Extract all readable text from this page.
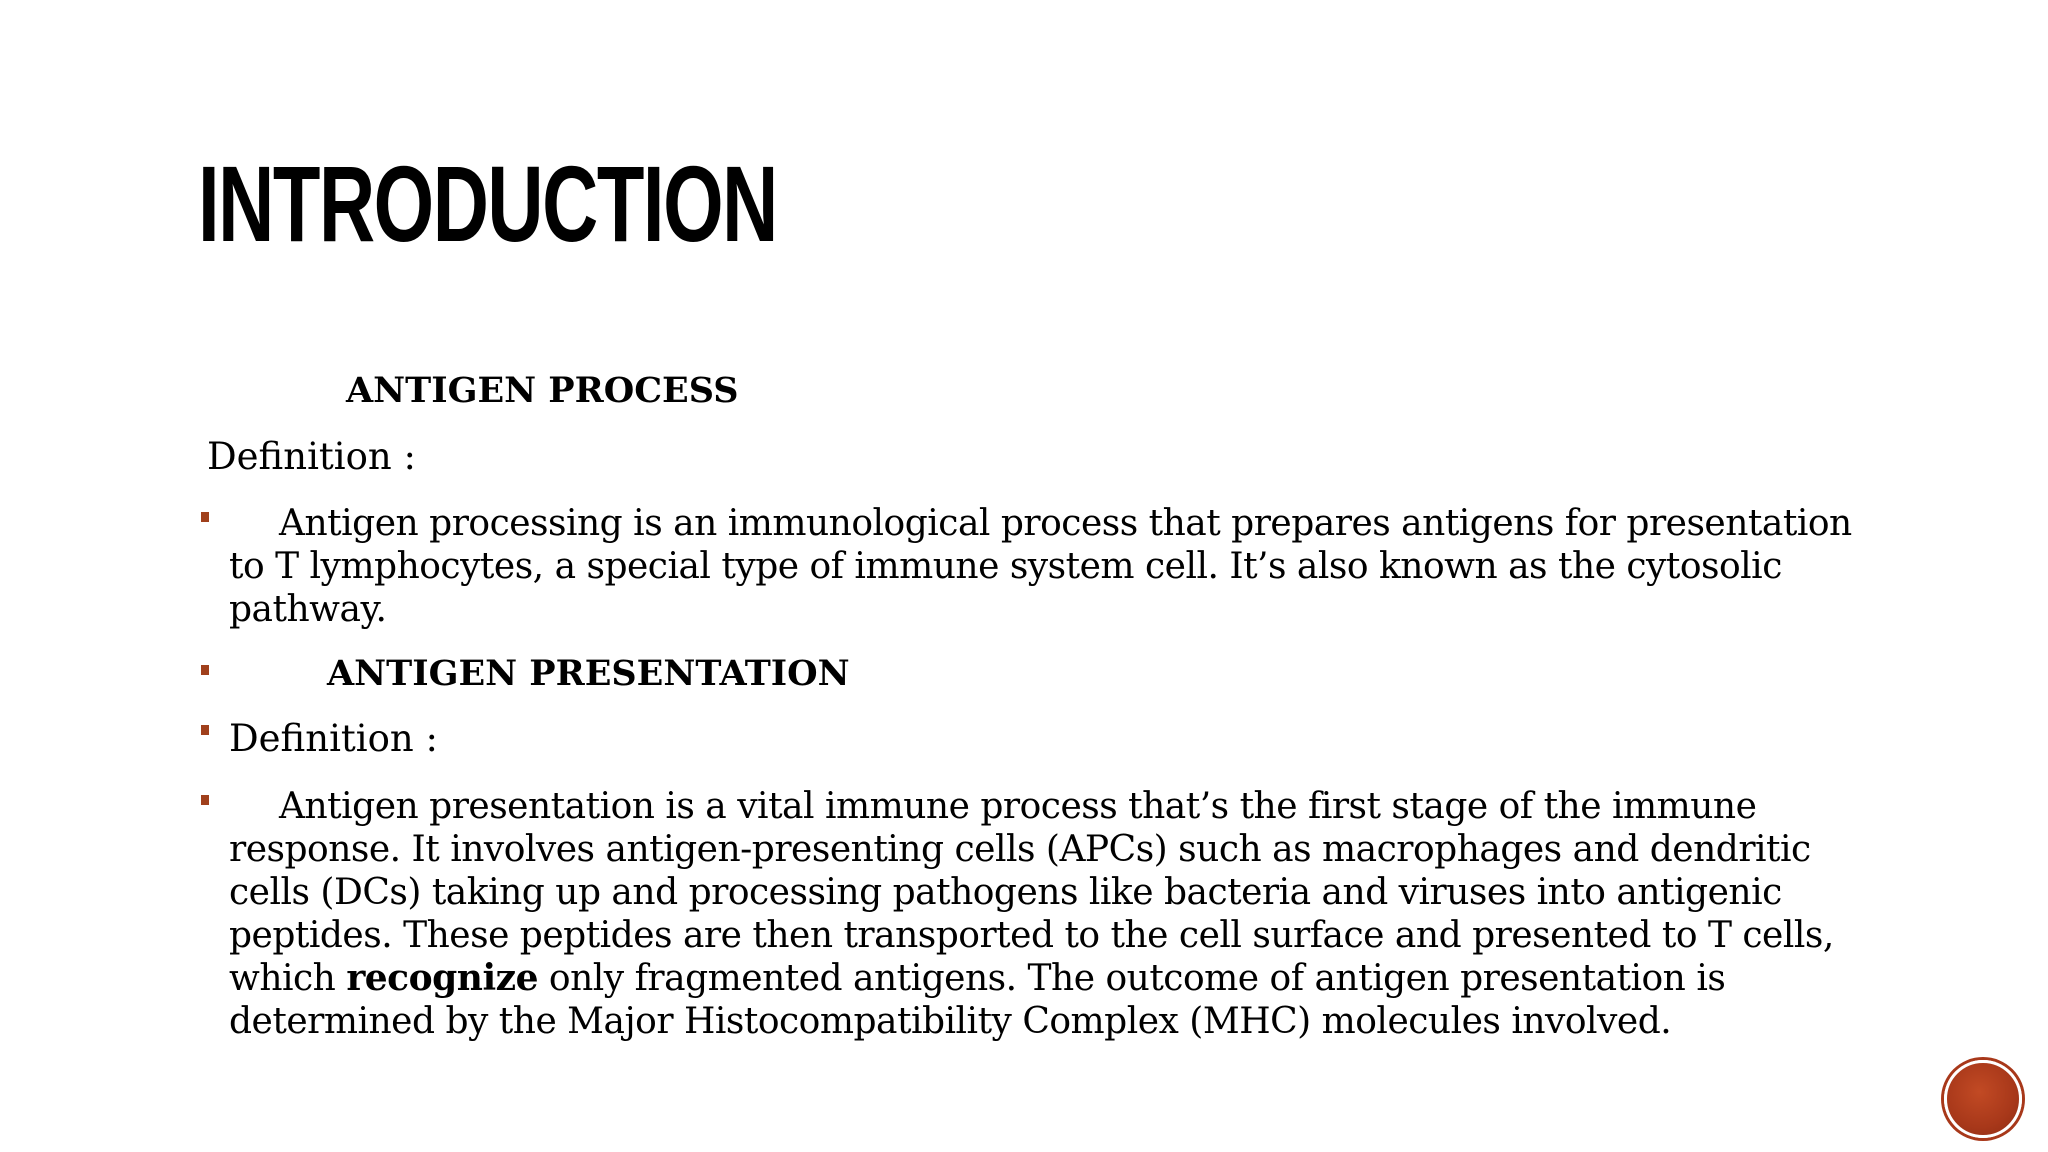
INTRODUCTION
ANTIGEN PROCESS
Definition :
Antigen processing is an immunological process that prepares antigens for presentation to T lymphocytes, a special type of immune system cell. It’s also known as the cytosolic pathway.
ANTIGEN PRESENTATION
Definition :
Antigen presentation is a vital immune process that’s the first stage of the immune response. It involves antigen-presenting cells (APCs) such as macrophages and dendritic cells (DCs) taking up and processing pathogens like bacteria and viruses into antigenic peptides. These peptides are then transported to the cell surface and presented to T cells, which recognize only fragmented antigens. The outcome of antigen presentation is determined by the Major Histocompatibility Complex (MHC) molecules involved.
